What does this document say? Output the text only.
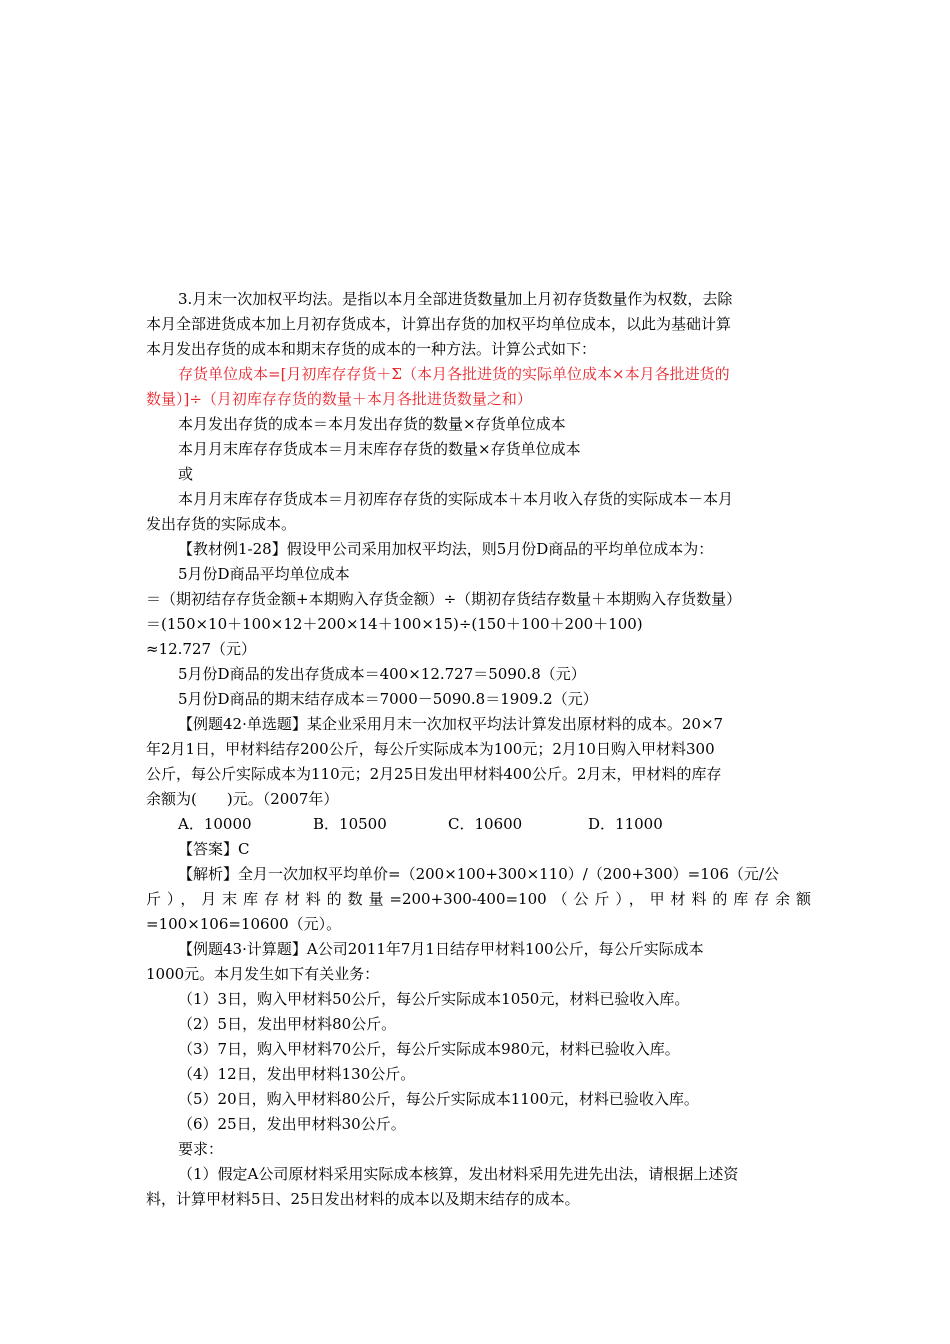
3.月末一次加权平均法。是指以本月全部进货数量加上月初存货数量作为权数，去除
本月全部进货成本加上月初存货成本，计算出存货的加权平均单位成本，以此为基础计算
本月发出存货的成本和期末存货的成本的一种方法。计算公式如下：
存货单位成本=[月初库存存货＋Σ（本月各批进货的实际单位成本×本月各批进货的
数量）]÷（月初库存存货的数量＋本月各批进货数量之和）
本月发出存货的成本＝本月发出存货的数量×存货单位成本
本月月末库存存货成本＝月末库存存货的数量×存货单位成本
或
本月月末库存存货成本＝月初库存存货的实际成本＋本月收入存货的实际成本－本月
发出存货的实际成本。
【教材例1-28】假设甲公司采用加权平均法，则5月份D商品的平均单位成本为：
5月份D商品平均单位成本
＝（期初结存存货金额+本期购入存货金额）÷（期初存货结存数量＋本期购入存货数量）
＝(150×10＋100×12＋200×14＋100×15)÷(150＋100＋200＋100)
≈12.727（元）
5月份D商品的发出存货成本＝400×12.727＝5090.8（元）
5月份D商品的期末结存成本＝7000－5090.8＝1909.2（元）
【例题42·单选题】某企业采用月末一次加权平均法计算发出原材料的成本。20×7
年2月1日，甲材料结存200公斤，每公斤实际成本为100元；2月10日购入甲材料300
公斤，每公斤实际成本为110元；2月25日发出甲材料400公斤。2月末，甲材料的库存
余额为(　　)元。（2007年）
A．10000	B．10500	C．10600	D．11000
【答案】C
【解析】全月一次加权平均单价=（200×100+300×110）/（200+300）=106（元/公
斤），月末库存材料的数量=200+300-400=100（公斤），甲材料的库存余额
=100×106=10600（元）。
【例题43·计算题】A公司2011年7月1日结存甲材料100公斤，每公斤实际成本
1000元。本月发生如下有关业务：
（1）3日，购入甲材料50公斤，每公斤实际成本1050元，材料已验收入库。
（2）5日，发出甲材料80公斤。
（3）7日，购入甲材料70公斤，每公斤实际成本980元，材料已验收入库。
（4）12日，发出甲材料130公斤。
（5）20日，购入甲材料80公斤，每公斤实际成本1100元，材料已验收入库。
（6）25日，发出甲材料30公斤。
要求：
（1）假定A公司原材料采用实际成本核算，发出材料采用先进先出法，请根据上述资
料，计算甲材料5日、25日发出材料的成本以及期末结存的成本。
